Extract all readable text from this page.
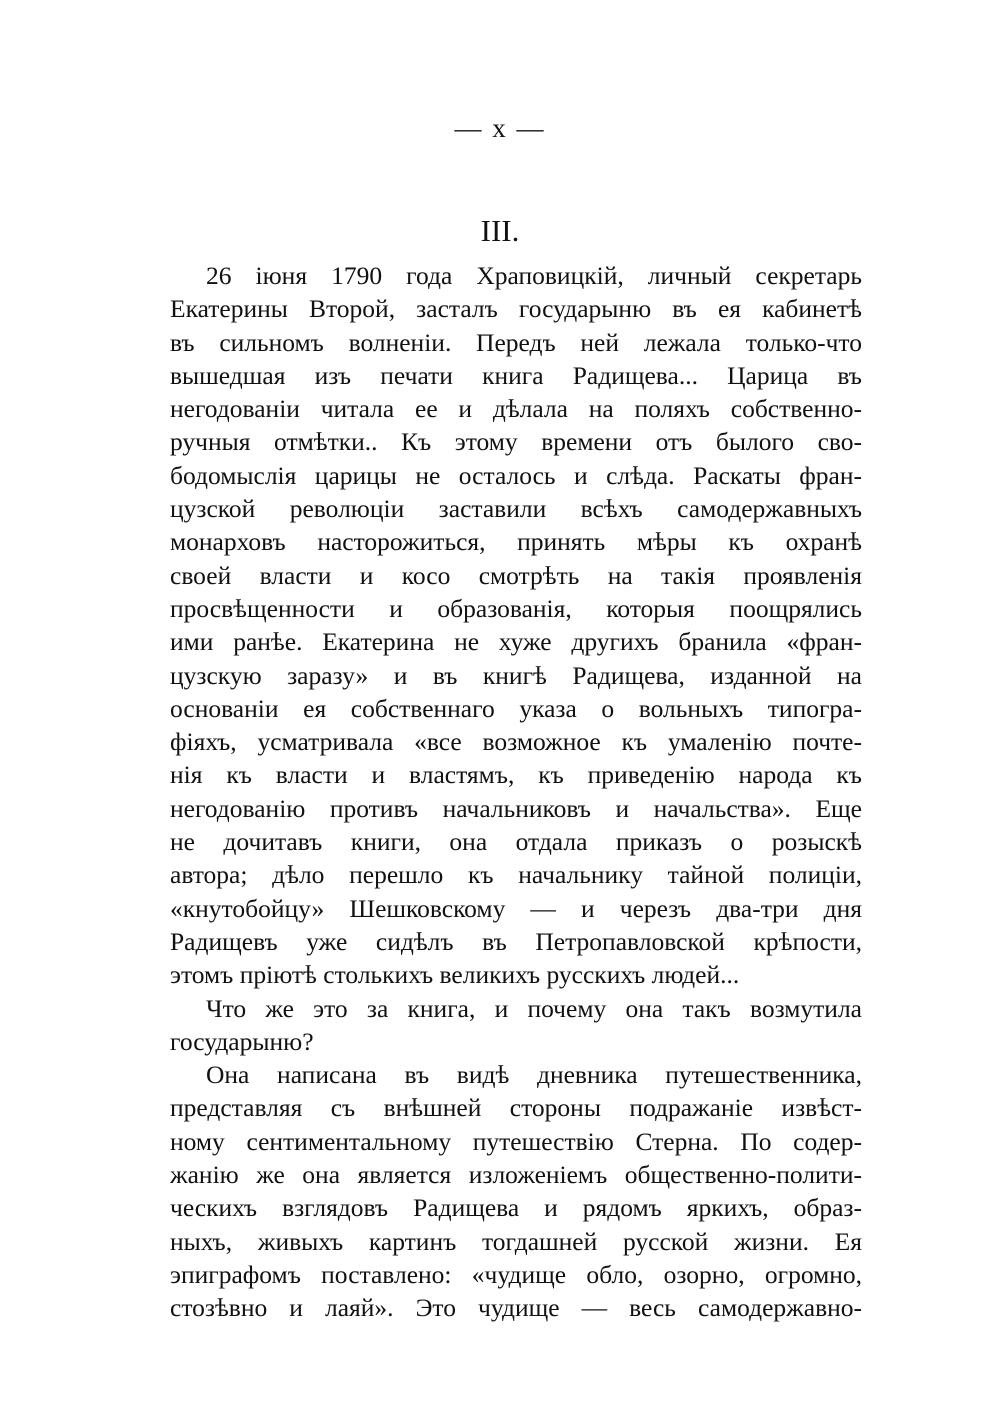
— x —
III.
26 іюня 1790 года Храповицкій, личный секретарь
Екатерины Второй, засталъ государыню въ ея кабинетѣ
въ сильномъ волненіи. Передъ ней лежала только-что
вышедшая изъ печати книга Радищева... Царица въ
негодованіи читала ее и дѣлала на поляхъ собственно-
ручныя отмѣтки.. Къ этому времени отъ былого сво-
бодомыслія царицы не осталось и слѣда. Раскаты фран-
цузской революціи заставили всѣхъ самодержавныхъ
монарховъ насторожиться, принять мѣры къ охранѣ
своей власти и косо смотрѣть на такія проявленія
просвѣщенности и образованія, которыя поощрялись
ими ранѣе. Екатерина не хуже другихъ бранила «фран-
цузскую заразу» и въ книгѣ Радищева, изданной на
основаніи ея собственнаго указа о вольныхъ типогра-
фіяхъ, усматривала «все возможное къ умаленію почте-
нія къ власти и властямъ, къ приведенію народа къ
негодованію противъ начальниковъ и начальства». Еще
не дочитавъ книги, она отдала приказъ о розыскѣ
автора; дѣло перешло къ начальнику тайной полиціи,
«кнутобойцу» Шешковскому — и черезъ два-три дня
Радищевъ уже сидѣлъ въ Петропавловской крѣпости,
этомъ пріютѣ столькихъ великихъ русскихъ людей...
Что же это за книга, и почему она такъ возмутила
государыню?
Она написана въ видѣ дневника путешественника,
представляя съ внѣшней стороны подражаніе извѣст-
ному сентиментальному путешествію Стерна. По содер-
жанію же она является изложеніемъ общественно-полити-
ческихъ взглядовъ Радищева и рядомъ яркихъ, образ-
ныхъ, живыхъ картинъ тогдашней русской жизни. Ея
эпиграфомъ поставлено: «чудище обло, озорно, огромно,
стозѣвно и лаяй». Это чудище — весь самодержавно-
